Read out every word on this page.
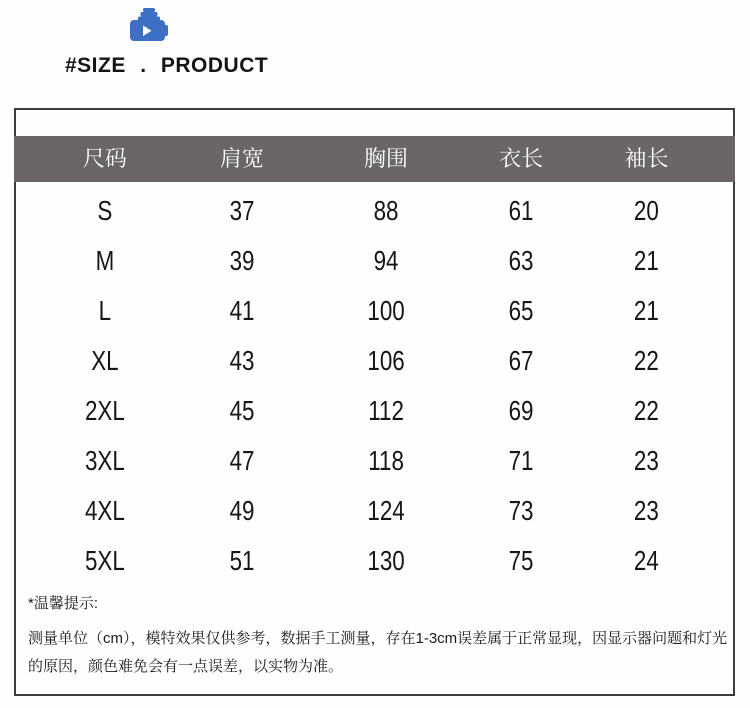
#SIZE . PRODUCT
尺码	肩宽	胸围	衣长	袖长
S	37	88	61	20
M	39	94	63	21
L	41	100	65	21
XL	43	106	67	22
2XL	45	112	69	22
3XL	47	118	71	23
4XL	49	124	73	23
5XL	51	130	75	24
*温馨提示:
测量单位（cm），模特效果仅供参考，数据手工测量，存在1-3cm误差属于正常显现，因显示器问题和灯光
的原因，颜色难免会有一点误差，以实物为准。
